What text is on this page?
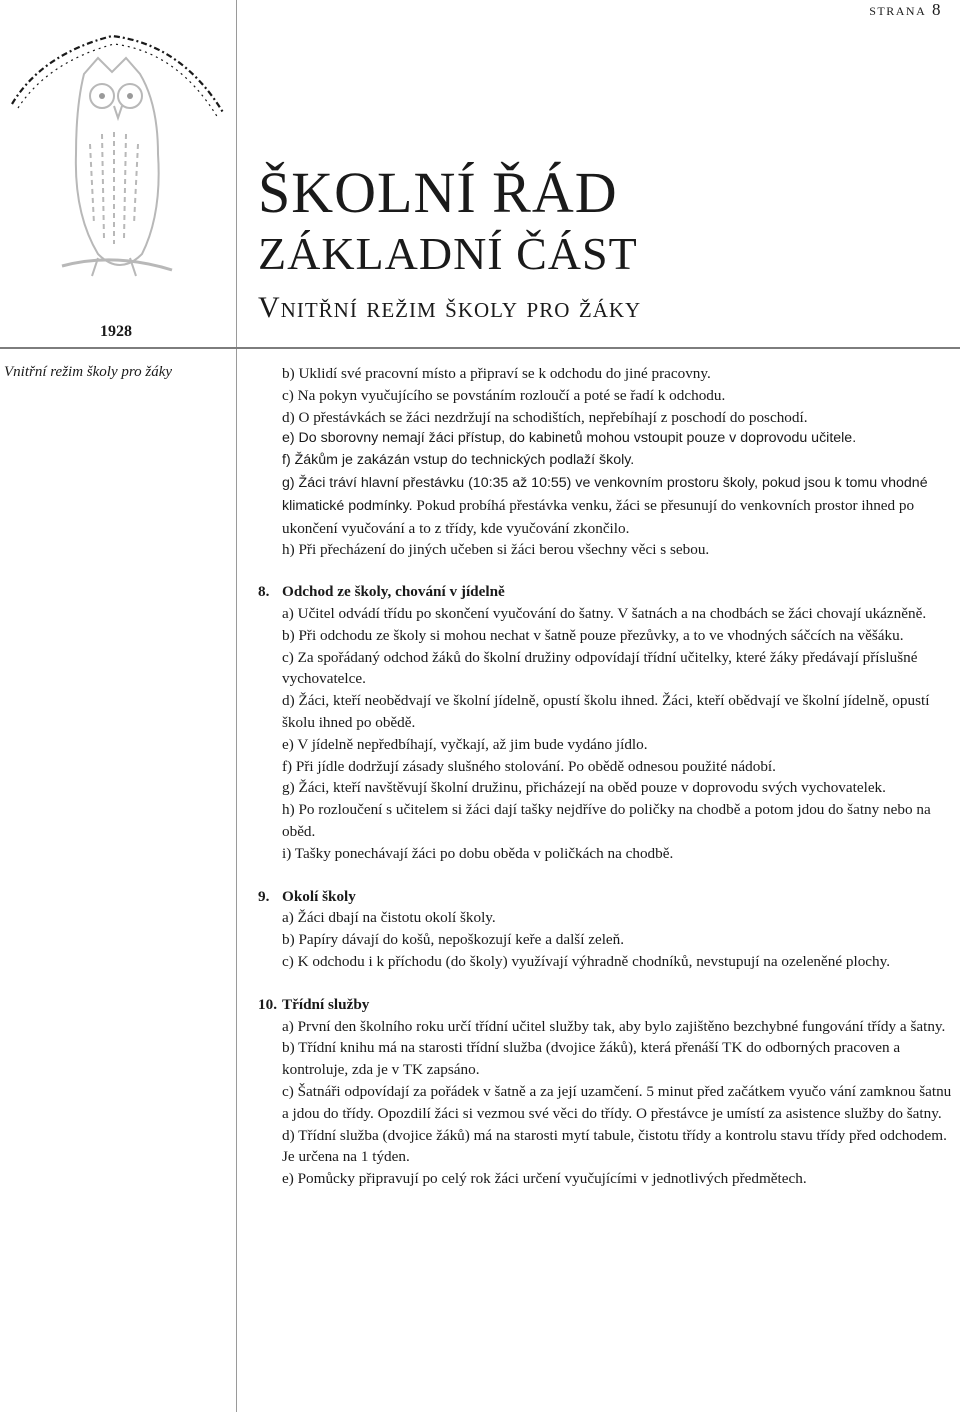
strana 8
1928
ŠKOLNÍ ŘÁD
ZÁKLADNÍ ČÁST
Vnitřní režim školy pro žáky
Vnitřní režim školy pro žáky	b) Uklidí své pracovní místo a připraví se k odchodu do jiné pracovny.

c) Na pokyn vyučujícího se povstáním rozloučí a poté se řadí k odchodu.

d) O přestávkách se žáci nezdržují na schodištích, nepřebíhají z poschodí do poschodí.

e) Do sborovny nemají žáci přístup, do kabinetů mohou vstoupit pouze v doprovodu učitele.

f) Žákům je zakázán vstup do technických podlaží školy.

g) Žáci tráví hlavní přestávku (10:35 až 10:55) ve venkovním prostoru školy, pokud jsou k tomu vhodné klimatické podmínky. Pokud probíhá přestávka venku, žáci se přesunují do venkovních prostor ihned po ukončení vyučování a to z třídy, kde vyučování zkončilo.

h) Při přecházení do jiných učeben si žáci berou všechny věci s sebou.

8. Odchod ze školy, chování v jídelně

a) Učitel odvádí třídu po skončení vyučování do šatny. V šatnách a na chodbách se žáci chovají ukázněně.

b) Při odchodu ze školy si mohou nechat v šatně pouze přezůvky, a to ve vhodných sáčcích na věšáku.

c) Za spořádaný odchod žáků do školní družiny odpovídají třídní učitelky, které žáky předávají příslušné vychovatelce.

d) Žáci, kteří neobědvají ve školní jídelně, opustí školu ihned. Žáci, kteří obědvají ve školní jídelně, opustí školu ihned po obědě.

e) V jídelně nepředbíhají, vyčkají, až jim bude vydáno jídlo.

f) Při jídle dodržují zásady slušného stolování. Po obědě odnesou použité nádobí.

g) Žáci, kteří navštěvují školní družinu, přicházejí na oběd pouze v doprovodu svých vychovatelek.

h) Po rozloučení s učitelem si žáci dají tašky nejdříve do poličky na chodbě a potom jdou do šatny nebo na oběd.

i) Tašky ponechávají žáci po dobu oběda v poličkách na chodbě.

9. Okolí školy

a) Žáci dbají na čistotu okolí školy.

b) Papíry dávají do košů, nepoškozují keře a další zeleň.

c) K odchodu i k příchodu (do školy) využívají výhradně chodníků, nevstupují na ozeleněné plochy.

10. Třídní služby

a) První den školního roku určí třídní učitel služby tak, aby bylo zajištěno bezchybné fungování třídy a šatny.

b) Třídní knihu má na starosti třídní služba (dvojice žáků), která přenáší TK do odborných pracoven a kontroluje, zda je v TK zapsáno.

c) Šatnáři odpovídají za pořádek v šatně a za její uzamčení. 5 minut před začátkem vyučo vání zamknou šatnu a jdou do třídy. Opozdilí žáci si vezmou své věci do třídy. O přestávce je umístí za asistence služby do šatny.

d) Třídní služba (dvojice žáků) má na starosti mytí tabule, čistotu třídy a kontrolu stavu třídy před odchodem. Je určena na 1 týden.

e) Pomůcky připravují po celý rok žáci určení vyučujícími v jednotlivých předmětech.
